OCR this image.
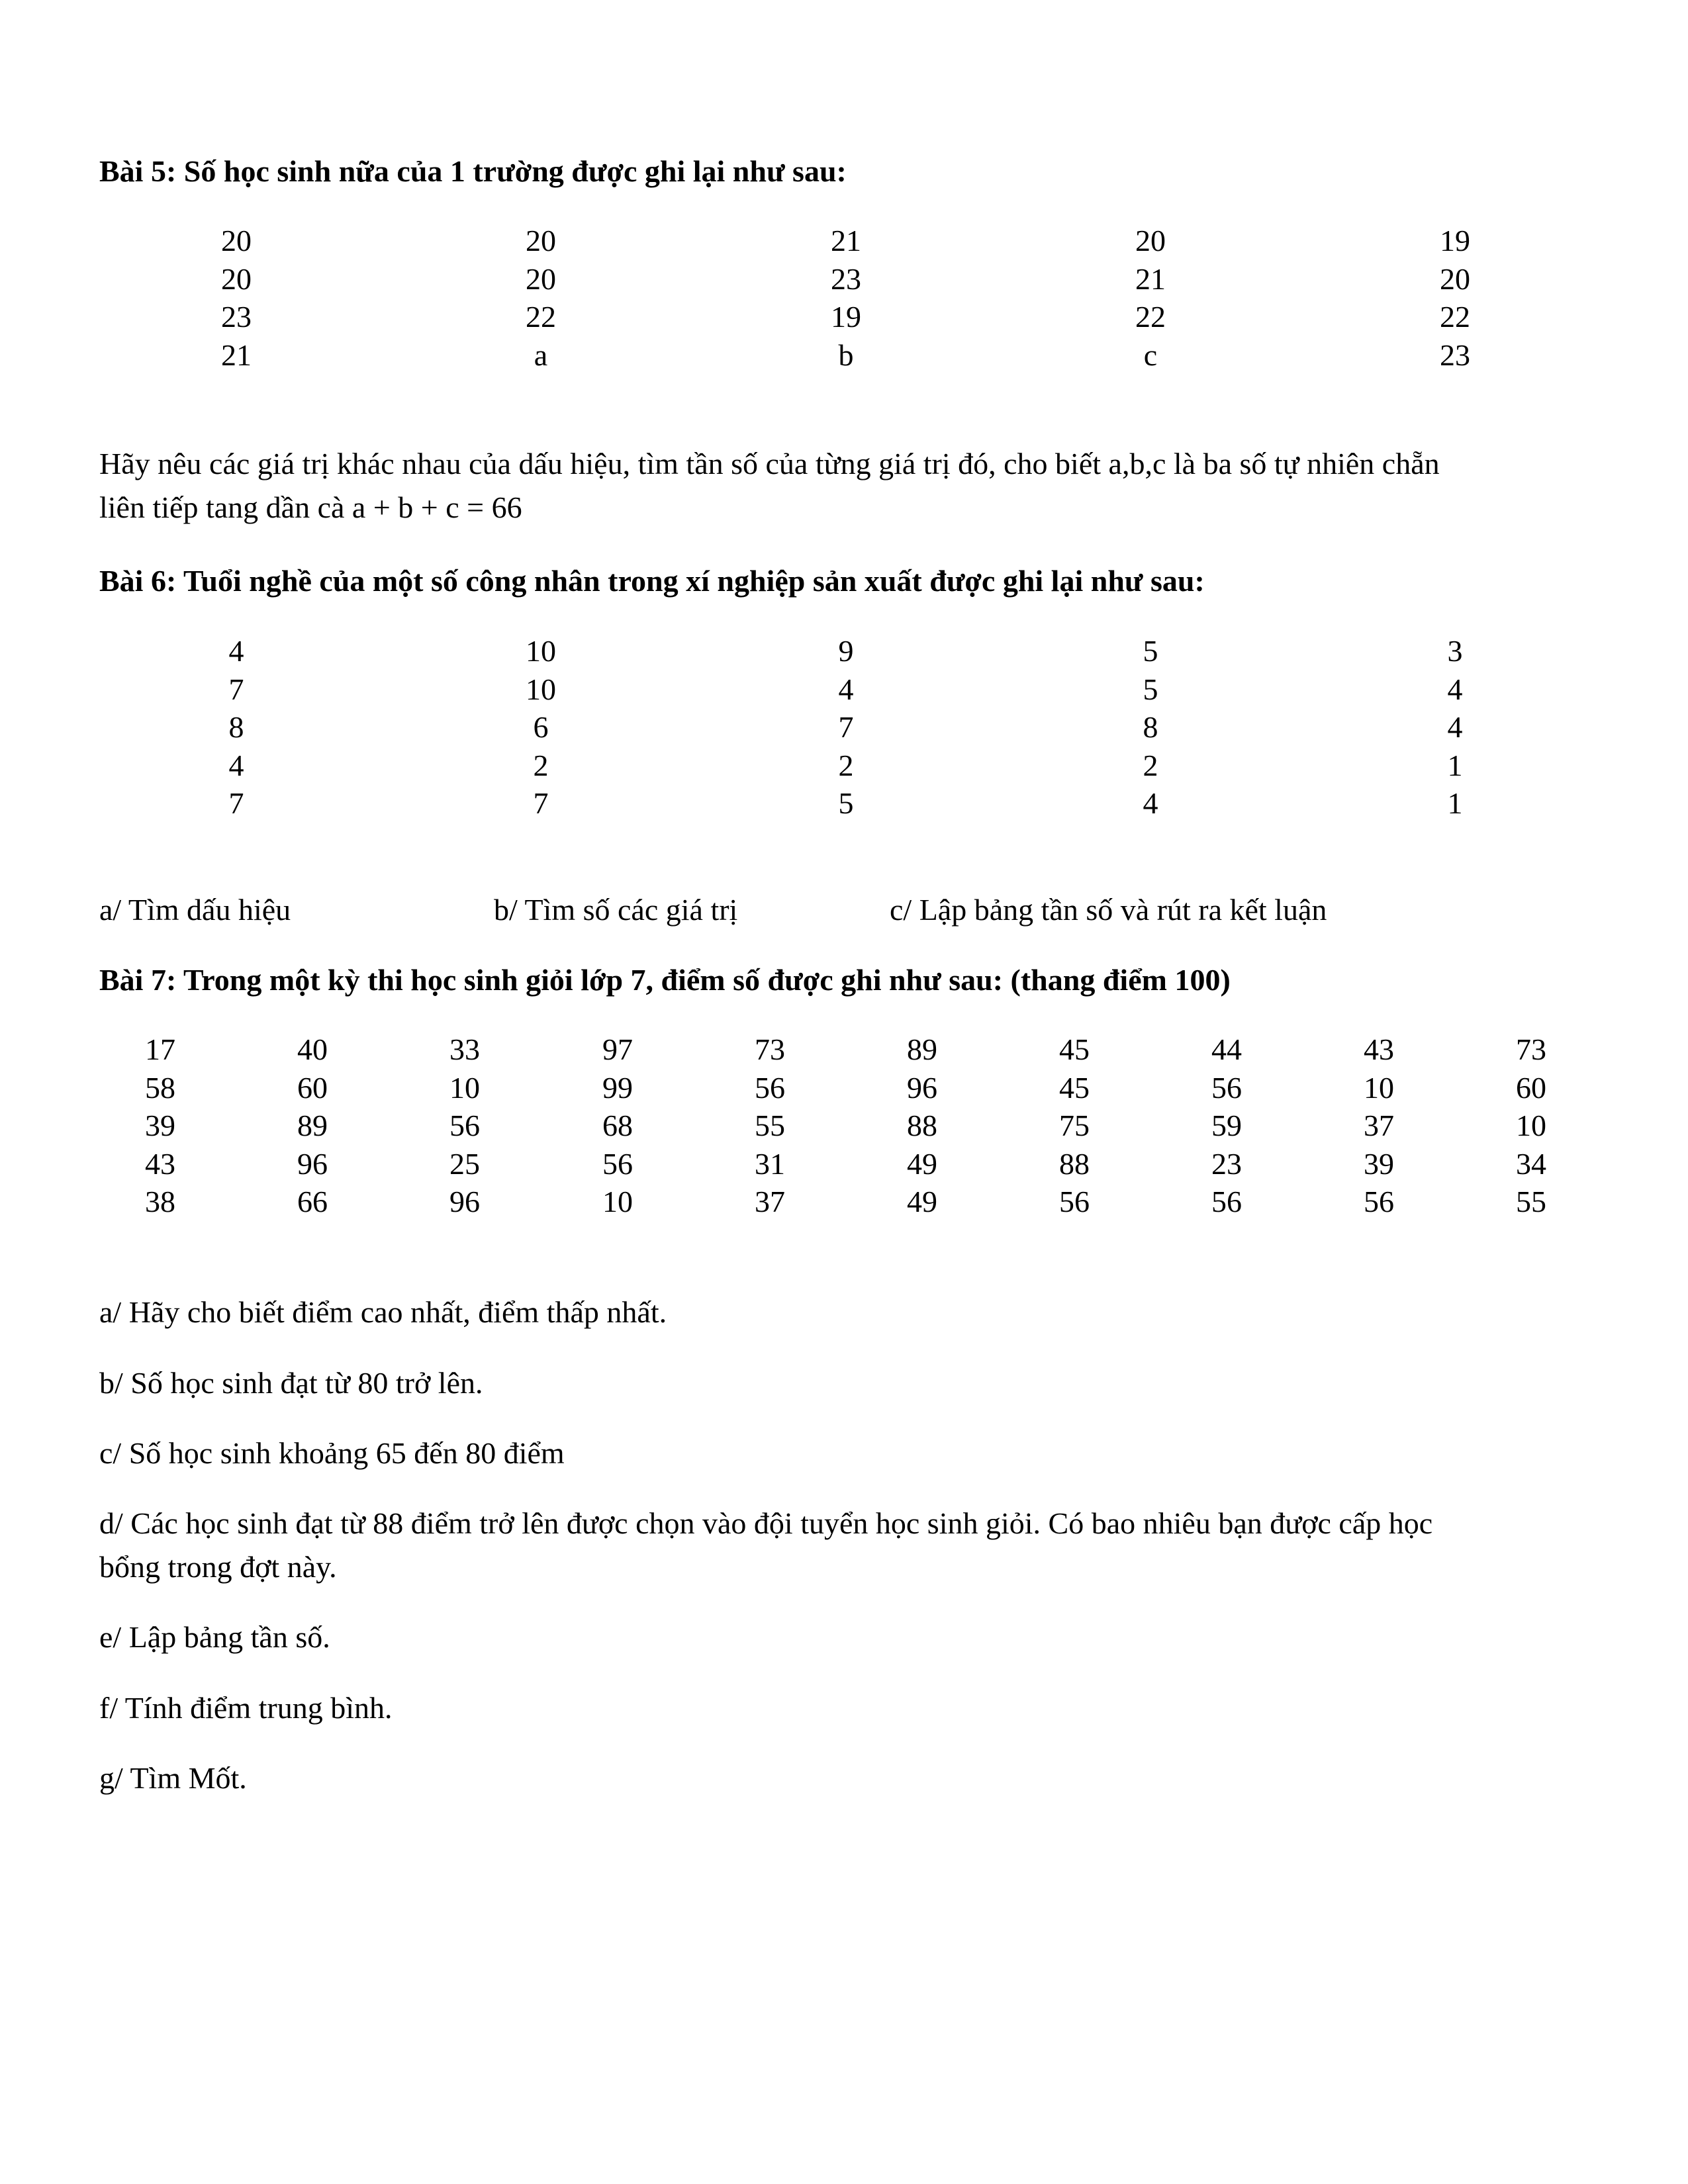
Bài 5: Số học sinh nữa của 1 trường được ghi lại như sau:
20	20	21	20	19
20	20	23	21	20
23	22	19	22	22
21	a	b	c	23
Hãy nêu các giá trị khác nhau của dấu hiệu, tìm tần số của từng giá trị đó, cho biết a,b,c là ba số tự nhiên chẵn
liên tiếp tang dần cà a + b + c = 66
Bài 6: Tuổi nghề của một số công nhân trong xí nghiệp sản xuất được ghi lại như sau:
4	10	9	5	3
7	10	4	5	4
8	6	7	8	4
4	2	2	2	1
7	7	5	4	1
a/ Tìm dấu hiệu	b/ Tìm số các giá trị	c/ Lập bảng tần số và rút ra kết luận
Bài 7: Trong một kỳ thi học sinh giỏi lớp 7, điểm số được ghi như sau: (thang điểm 100)
17	40	33	97	73	89	45	44	43	73
58	60	10	99	56	96	45	56	10	60
39	89	56	68	55	88	75	59	37	10
43	96	25	56	31	49	88	23	39	34
38	66	96	10	37	49	56	56	56	55
a/ Hãy cho biết điểm cao nhất, điểm thấp nhất.
b/ Số học sinh đạt từ 80 trở lên.
c/ Số học sinh khoảng 65 đến 80 điểm
d/ Các học sinh đạt từ 88 điểm trở lên được chọn vào đội tuyển học sinh giỏi. Có bao nhiêu bạn được cấp học
bổng trong đợt này.
e/ Lập bảng tần số.
f/ Tính điểm trung bình.
g/ Tìm Mốt.
